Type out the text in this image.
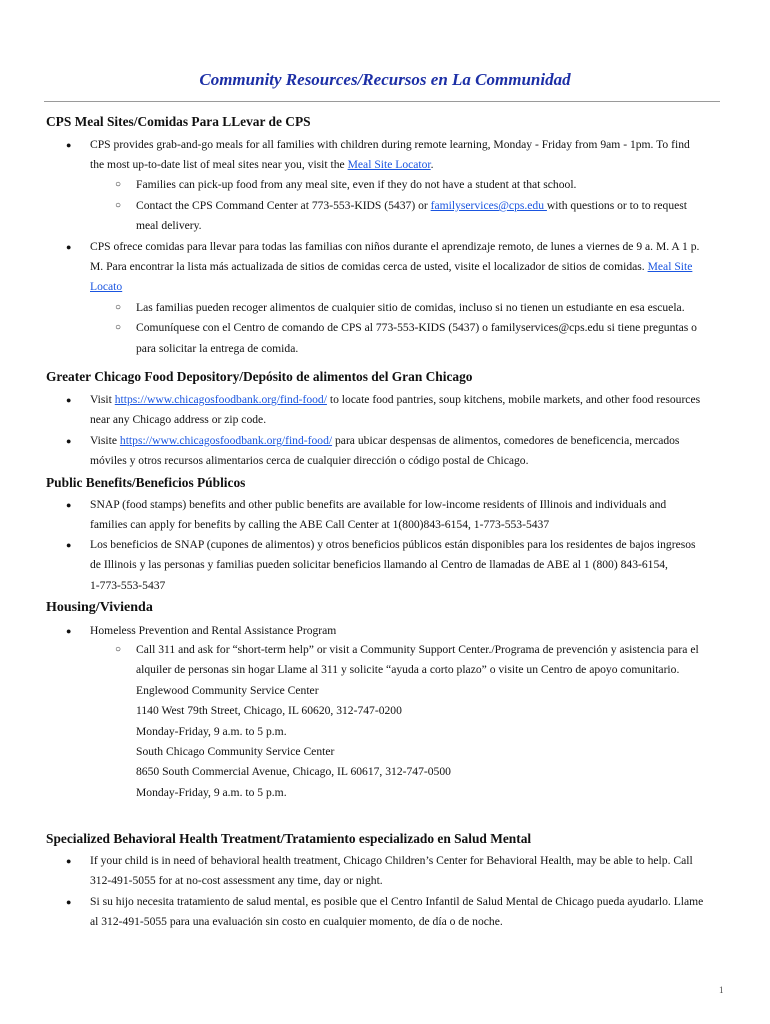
Community Resources/Recursos en La Communidad
CPS Meal Sites/Comidas Para LLevar de CPS
● CPS provides grab-and-go meals for all families with children during remote learning, Monday - Friday from 9am - 1pm. To find
the most up-to-date list of meal sites near you, visit the Meal Site Locator.
○ Families can pick-up food from any meal site, even if they do not have a student at that school.
○ Contact the CPS Command Center at 773-553-KIDS (5437) or familyservices@cps.edu with questions or to to request
meal delivery.
● CPS ofrece comidas para llevar para todas las familias con niños durante el aprendizaje remoto, de lunes a viernes de 9 a. M. A 1 p.
M. Para encontrar la lista más actualizada de sitios de comidas cerca de usted, visite el localizador de sitios de comidas. Meal Site
Locato
○ Las familias pueden recoger alimentos de cualquier sitio de comidas, incluso si no tienen un estudiante en esa escuela.
○ Comuníquese con el Centro de comando de CPS al 773-553-KIDS (5437) o familyservices@cps.edu si tiene preguntas o
para solicitar la entrega de comida.
Greater Chicago Food Depository/Depósito de alimentos del Gran Chicago
● Visit https://www.chicagosfoodbank.org/find-food/ to locate food pantries, soup kitchens, mobile markets, and other food resources
near any Chicago address or zip code.
● Visite https://www.chicagosfoodbank.org/find-food/ para ubicar despensas de alimentos, comedores de beneficencia, mercados
móviles y otros recursos alimentarios cerca de cualquier dirección o código postal de Chicago.
Public Benefits/Beneficios Públicos
● SNAP (food stamps) benefits and other public benefits are available for low-income residents of Illinois and individuals and
families can apply for benefits by calling the ABE Call Center at 1(800)843-6154, 1-773-553-5437
● Los beneficios de SNAP (cupones de alimentos) y otros beneficios públicos están disponibles para los residentes de bajos ingresos
de Illinois y las personas y familias pueden solicitar beneficios llamando al Centro de llamadas de ABE al 1 (800) 843-6154,
1-773-553-5437
Housing/Vivienda
● Homeless Prevention and Rental Assistance Program
○ Call 311 and ask for “short-term help” or visit a Community Support Center./Programa de prevención y asistencia para el
alquiler de personas sin hogar Llame al 311 y solicite “ayuda a corto plazo” o visite un Centro de apoyo comunitario.
Englewood Community Service Center
1140 West 79th Street, Chicago, IL 60620, 312-747-0200
Monday-Friday, 9 a.m. to 5 p.m.
South Chicago Community Service Center
8650 South Commercial Avenue, Chicago, IL 60617, 312-747-0500
Monday-Friday, 9 a.m. to 5 p.m.
Specialized Behavioral Health Treatment/Tratamiento especializado en Salud Mental
● If your child is in need of behavioral health treatment, Chicago Children’s Center for Behavioral Health, may be able to help. Call
312-491-5055 for at no-cost assessment any time, day or night.
● Si su hijo necesita tratamiento de salud mental, es posible que el Centro Infantil de Salud Mental de Chicago pueda ayudarlo. Llame
al 312-491-5055 para una evaluación sin costo en cualquier momento, de día o de noche.
1
